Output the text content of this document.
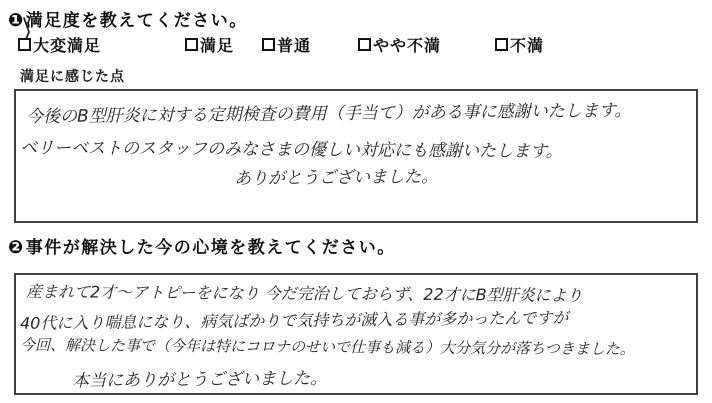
❶満足度を教えてください。
大変満足	満足	普通	やや不満	不満
満足に感じた点
今後のB型肝炎に対する定期検査の費用（手当て）がある事に感謝いたします。
ベリーベストのスタッフのみなさまの優しい対応にも感謝いたします。
ありがとうございました。
❷事件が解決した今の心境を教えてください。
産まれて2才〜アトピーをになり 今だ完治しておらず、22才にB型肝炎により
40代に入り喘息になり、病気ばかりで気持ちが滅入る事が多かったんですが
今回、解決した事で（今年は特にコロナのせいで仕事も減る）大分気分が落ちつきました。
本当にありがとうございました。
